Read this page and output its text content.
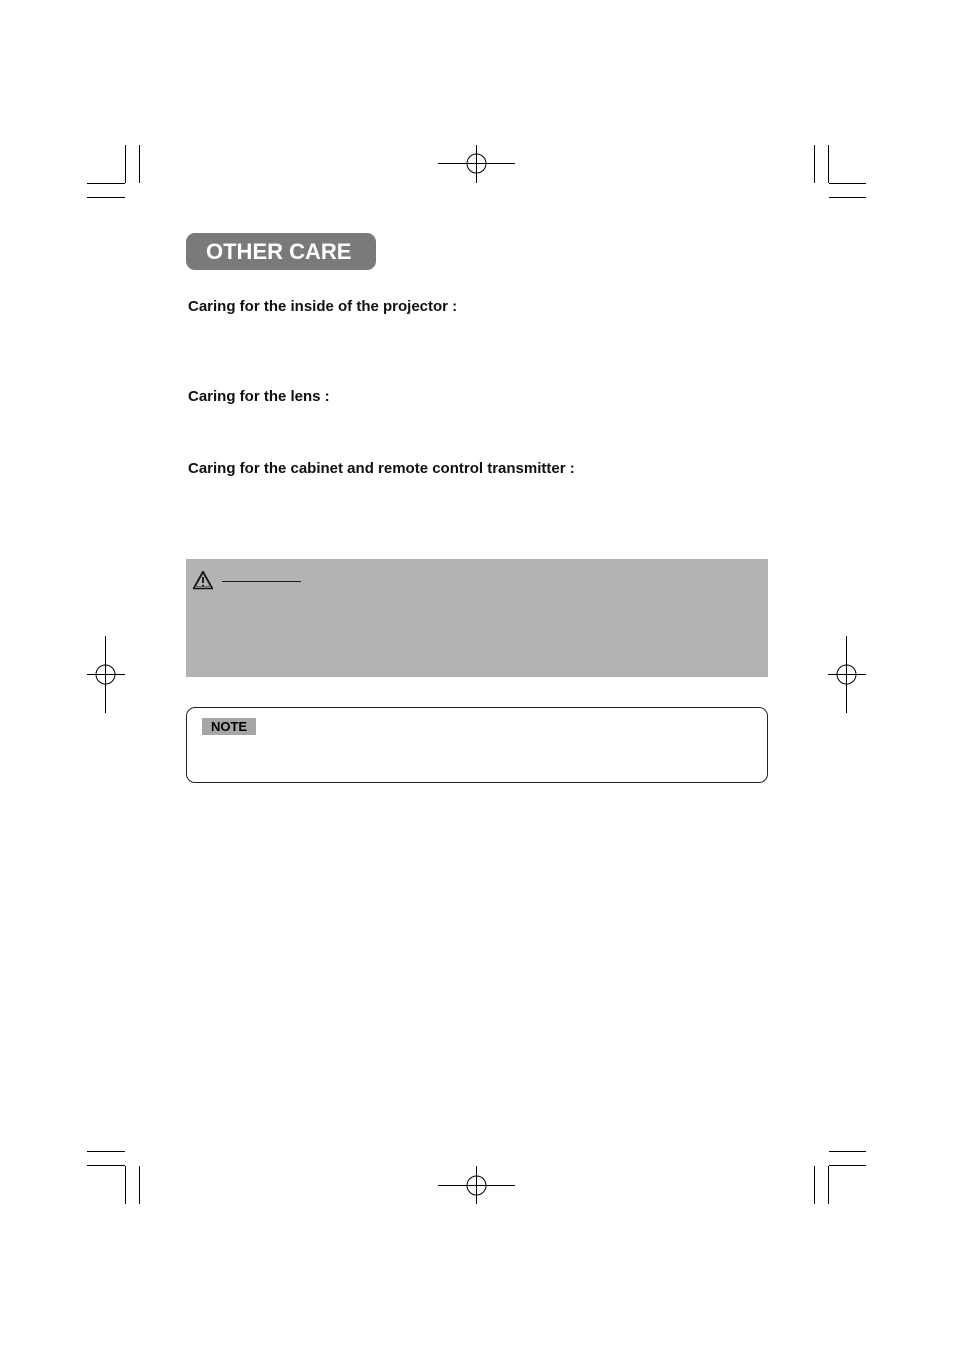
OTHER CARE
Caring for the inside of the projector :
Caring for the lens :
Caring for the cabinet and remote control transmitter :
NOTE
